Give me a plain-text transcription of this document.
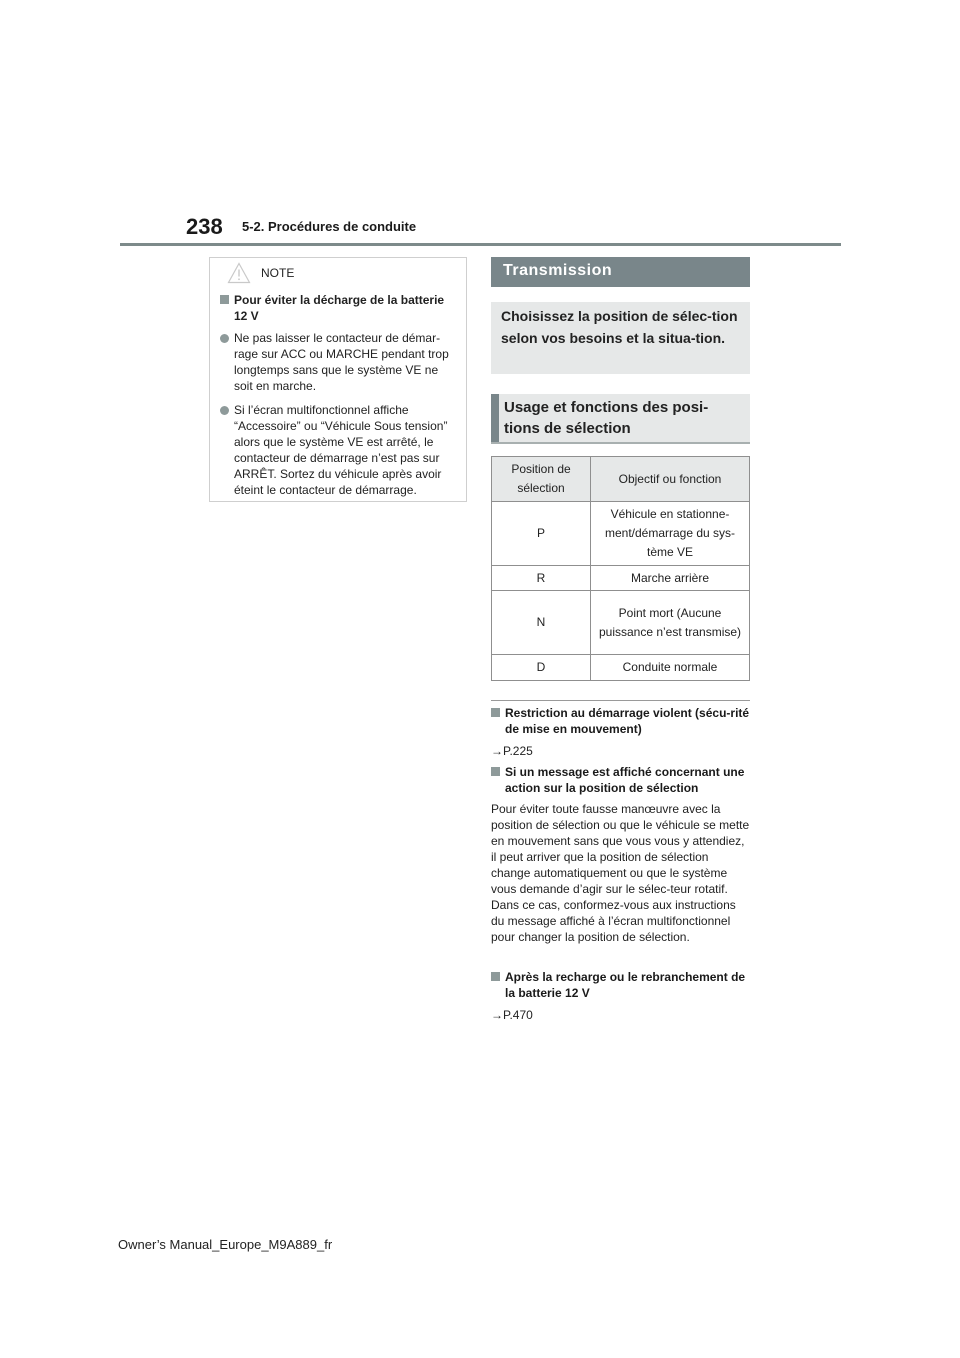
238 5-2. Procédures de conduite
NOTE
Pour éviter la décharge de la batterie 12 V
Ne pas laisser le contacteur de démar-rage sur ACC ou MARCHE pendant trop longtemps sans que le système VE ne soit en marche.
Si l’écran multifonctionnel affiche “Accessoire” ou “Véhicule Sous tension” alors que le système VE est arrêté, le contacteur de démarrage n’est pas sur ARRÊT. Sortez du véhicule après avoir éteint le contacteur de démarrage.
Transmission
Choisissez la position de sélec-tion selon vos besoins et la situa-tion.
Usage et fonctions des posi-tions de sélection
Position de sélection	Objectif ou fonction
P	Véhicule en stationne-ment/démarrage du sys-tème VE
R	Marche arrière
N	Point mort (Aucune puissance n’est transmise)
D	Conduite normale
Restriction au démarrage violent (sécu-rité de mise en mouvement)
→P.225
Si un message est affiché concernant une action sur la position de sélection
Pour éviter toute fausse manœuvre avec la position de sélection ou que le véhicule se mette en mouvement sans que vous vous y attendiez, il peut arriver que la position de sélection change automatiquement ou que le système vous demande d’agir sur le sélec-teur rotatif. Dans ce cas, conformez-vous aux instructions du message affiché à l’écran multifonctionnel pour changer la position de sélection.
Après la recharge ou le rebranchement de la batterie 12 V
→P.470
Owner’s Manual_Europe_M9A889_fr
